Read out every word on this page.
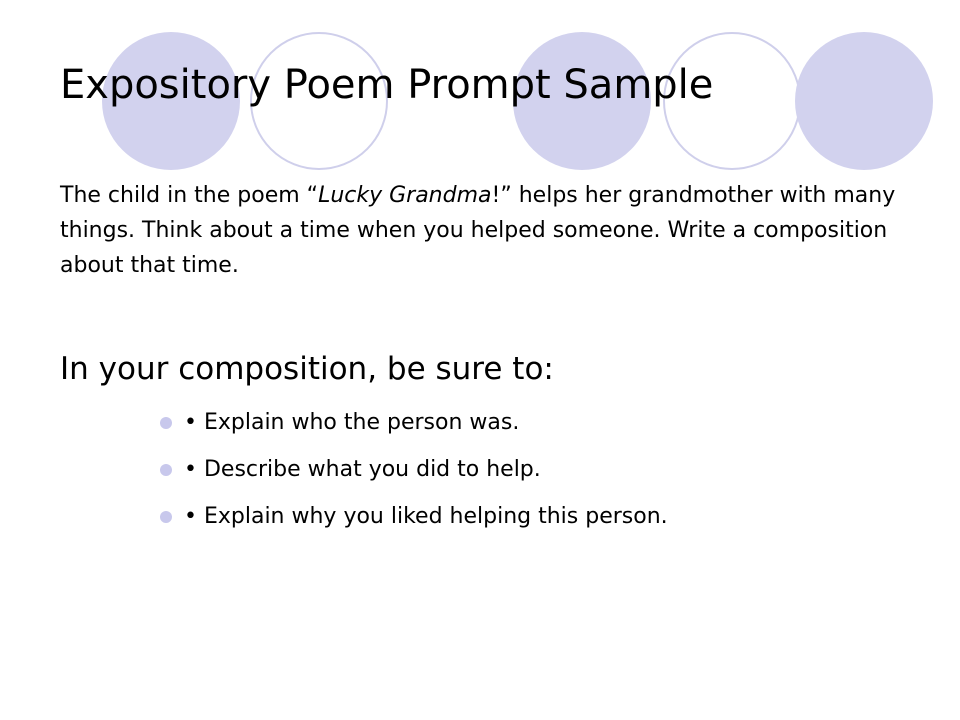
Expository Poem Prompt Sample

The child in the poem “Lucky Grandma!” helps her grandmother with many things. Think about a time when you helped someone. Write a composition about that time.

In your composition, be sure to:
• Explain who the person was.
• Describe what you did to help.
• Explain why you liked helping this person.
